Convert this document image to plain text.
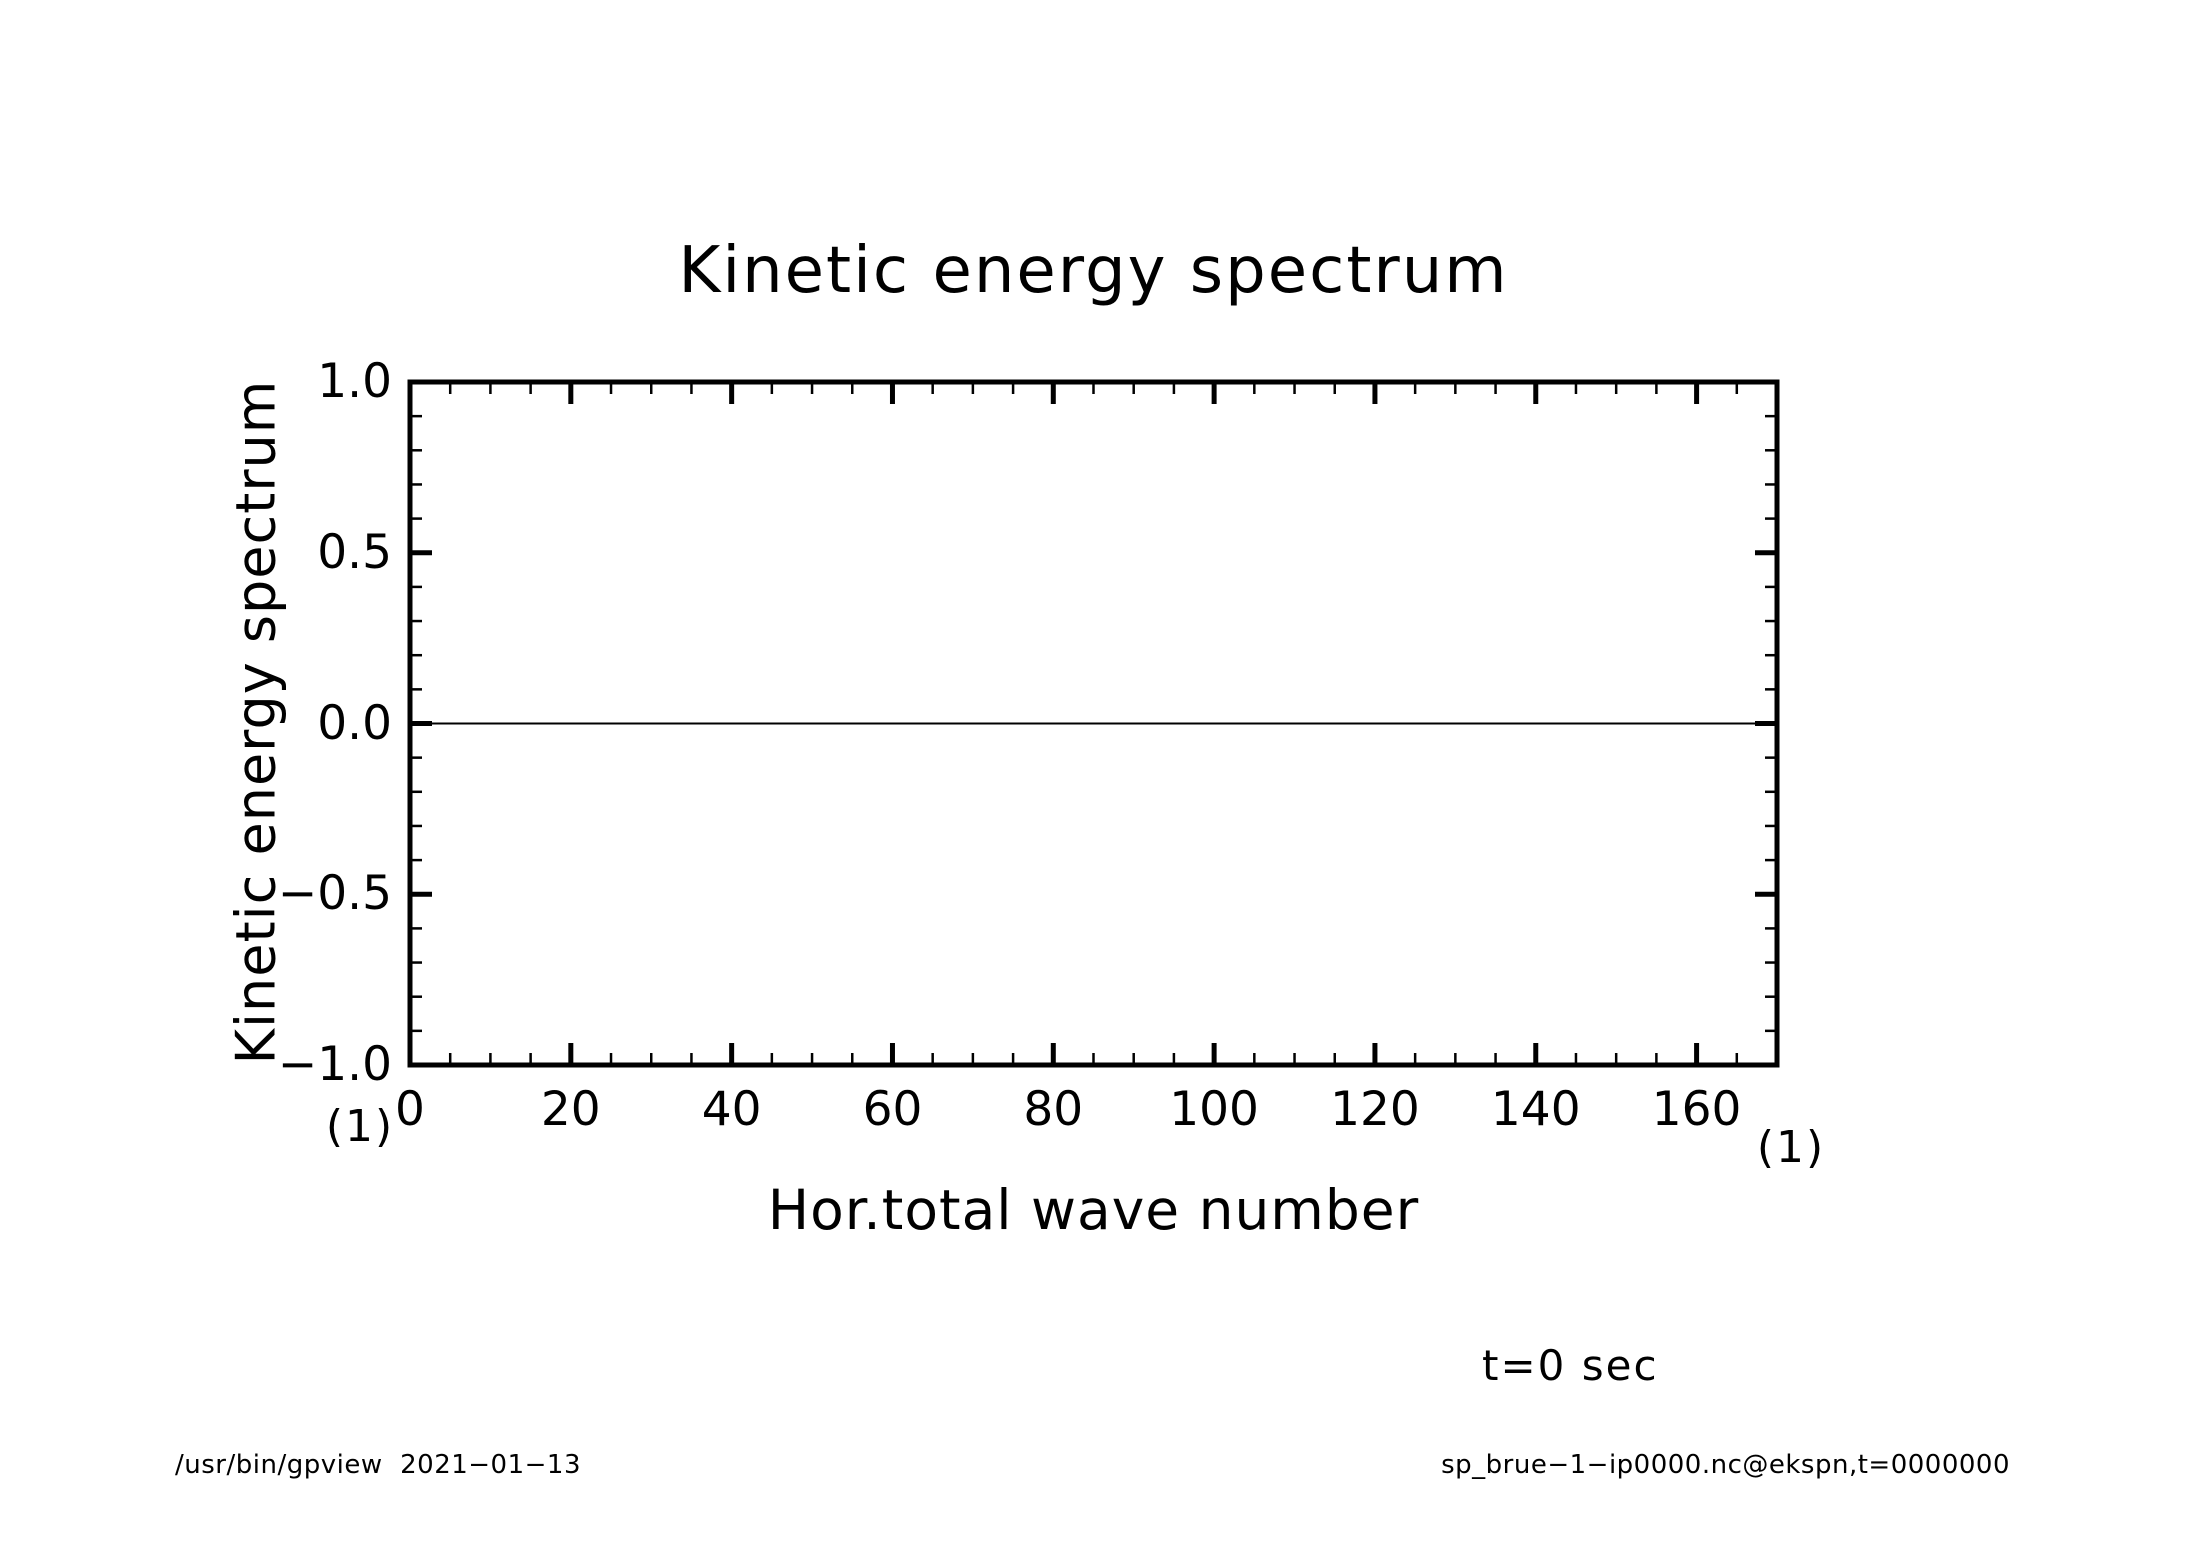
Kinetic energy spectrum
Kinetic energy spectrum
Hor.total wave number
1.0
0.5
0.0
−0.5
−1.0
0	20	40	60	80	100	120	140	160
(1)	(1)
t=0 sec
/usr/bin/gpview  2021−01−13	sp_brue−1−ip0000.nc@ekspn,t=0000000
